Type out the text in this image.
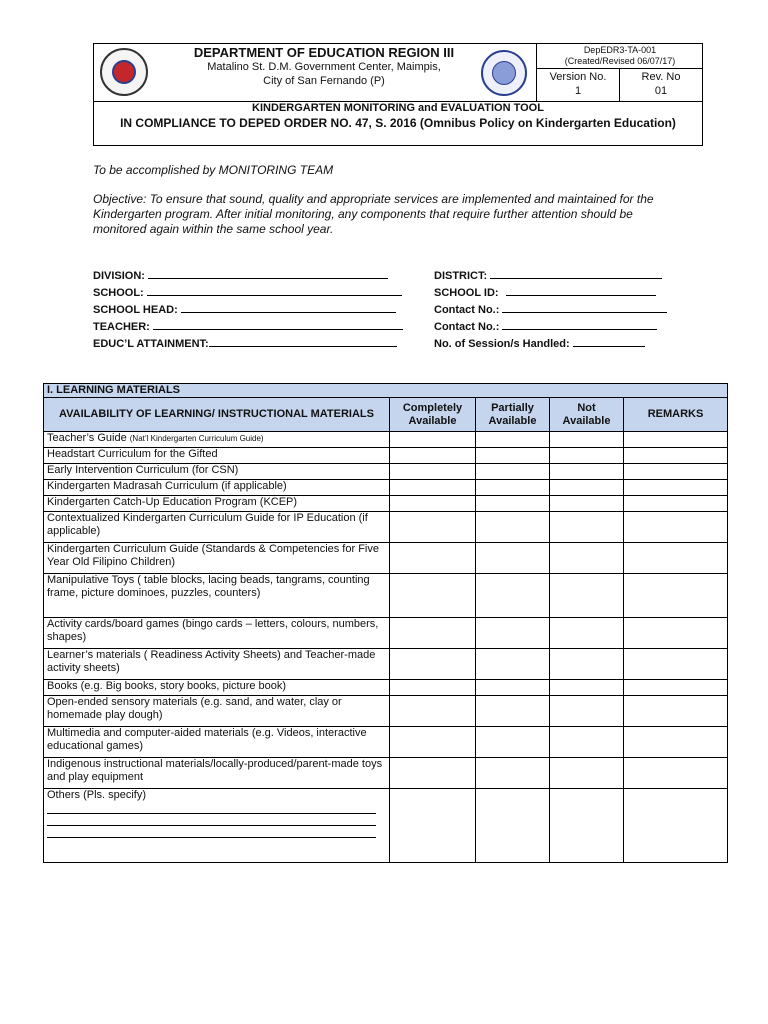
DEPARTMENT OF EDUCATION REGION III
Matalino St. D.M. Government Center, Maimpis,
City of San Fernando (P)
DepEDR3-TA-001
(Created/Revised 06/07/17)
Version No.
1
Rev. No
01
KINDERGARTEN MONITORING and EVALUATION TOOL
IN COMPLIANCE TO DEPED ORDER NO. 47, S. 2016 (Omnibus Policy on Kindergarten Education)
To be accomplished by MONITORING TEAM
Objective: To ensure that sound, quality and appropriate services are implemented and maintained for the Kindergarten program. After initial monitoring, any components that require further attention should be monitored again within the same school year.
DIVISION:
SCHOOL:
SCHOOL HEAD:
TEACHER:
EDUC’L ATTAINMENT:
DISTRICT:
SCHOOL ID:
Contact No.:
Contact No.:
No. of Session/s Handled:
I. LEARNING MATERIALS				
AVAILABILITY OF LEARNING/ INSTRUCTIONAL MATERIALS	Completely Available	Partially Available	Not Available	REMARKS
Teacher’s Guide (Nat’l Kindergarten Curriculum Guide)				
Headstart Curriculum for the Gifted				
Early Intervention Curriculum (for CSN)				
Kindergarten Madrasah Curriculum (if applicable)				
Kindergarten Catch-Up Education Program (KCEP)				
Contextualized Kindergarten Curriculum Guide for IP Education (if applicable)				
Kindergarten Curriculum Guide (Standards & Competencies for Five Year Old Filipino Children)				
Manipulative Toys ( table blocks, lacing beads, tangrams, counting frame, picture dominoes, puzzles, counters)				
Activity cards/board games (bingo cards – letters, colours, numbers, shapes)				
Learner’s materials ( Readiness Activity Sheets) and Teacher-made activity sheets)				
Books (e.g. Big books, story books, picture book)				
Open-ended sensory materials (e.g. sand, and water, clay or homemade play dough)				
Multimedia and computer-aided materials (e.g. Videos, interactive educational games)				
Indigenous instructional materials/locally-produced/parent-made toys and play equipment				

Others (Pls. specify)				
